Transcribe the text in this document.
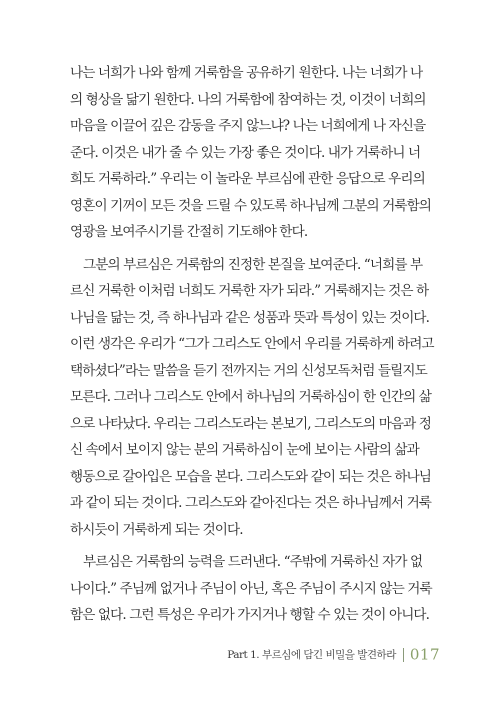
나는 너희가 나와 함께 거룩함을 공유하기 원한다. 나는 너희가 나
의 형상을 닮기 원한다. 나의 거룩함에 참여하는 것, 이것이 너희의
마음을 이끌어 깊은 감동을 주지 않느냐? 나는 너희에게 나 자신을
준다. 이것은 내가 줄 수 있는 가장 좋은 것이다. 내가 거룩하니 너
희도 거룩하라.” 우리는 이 놀라운 부르심에 관한 응답으로 우리의
영혼이 기꺼이 모든 것을 드릴 수 있도록 하나님께 그분의 거룩함의
영광을 보여주시기를 간절히 기도해야 한다.
그분의 부르심은 거룩함의 진정한 본질을 보여준다. “너희를 부
르신 거룩한 이처럼 너희도 거룩한 자가 되라.” 거룩해지는 것은 하
나님을 닮는 것, 즉 하나님과 같은 성품과 뜻과 특성이 있는 것이다.
이런 생각은 우리가 “그가 그리스도 안에서 우리를 거룩하게 하려고
택하셨다”라는 말씀을 듣기 전까지는 거의 신성모독처럼 들릴지도
모른다. 그러나 그리스도 안에서 하나님의 거룩하심이 한 인간의 삶
으로 나타났다. 우리는 그리스도라는 본보기, 그리스도의 마음과 정
신 속에서 보이지 않는 분의 거룩하심이 눈에 보이는 사람의 삶과
행동으로 갈아입은 모습을 본다. 그리스도와 같이 되는 것은 하나님
과 같이 되는 것이다. 그리스도와 같아진다는 것은 하나님께서 거룩
하시듯이 거룩하게 되는 것이다.
부르심은 거룩함의 능력을 드러낸다. “주밖에 거룩하신 자가 없
나이다.” 주님께 없거나 주님이 아닌, 혹은 주님이 주시지 않는 거룩
함은 없다. 그런 특성은 우리가 가지거나 행할 수 있는 것이 아니다.
Part 1. 부르심에 담긴 비밀을 발견하라 017
